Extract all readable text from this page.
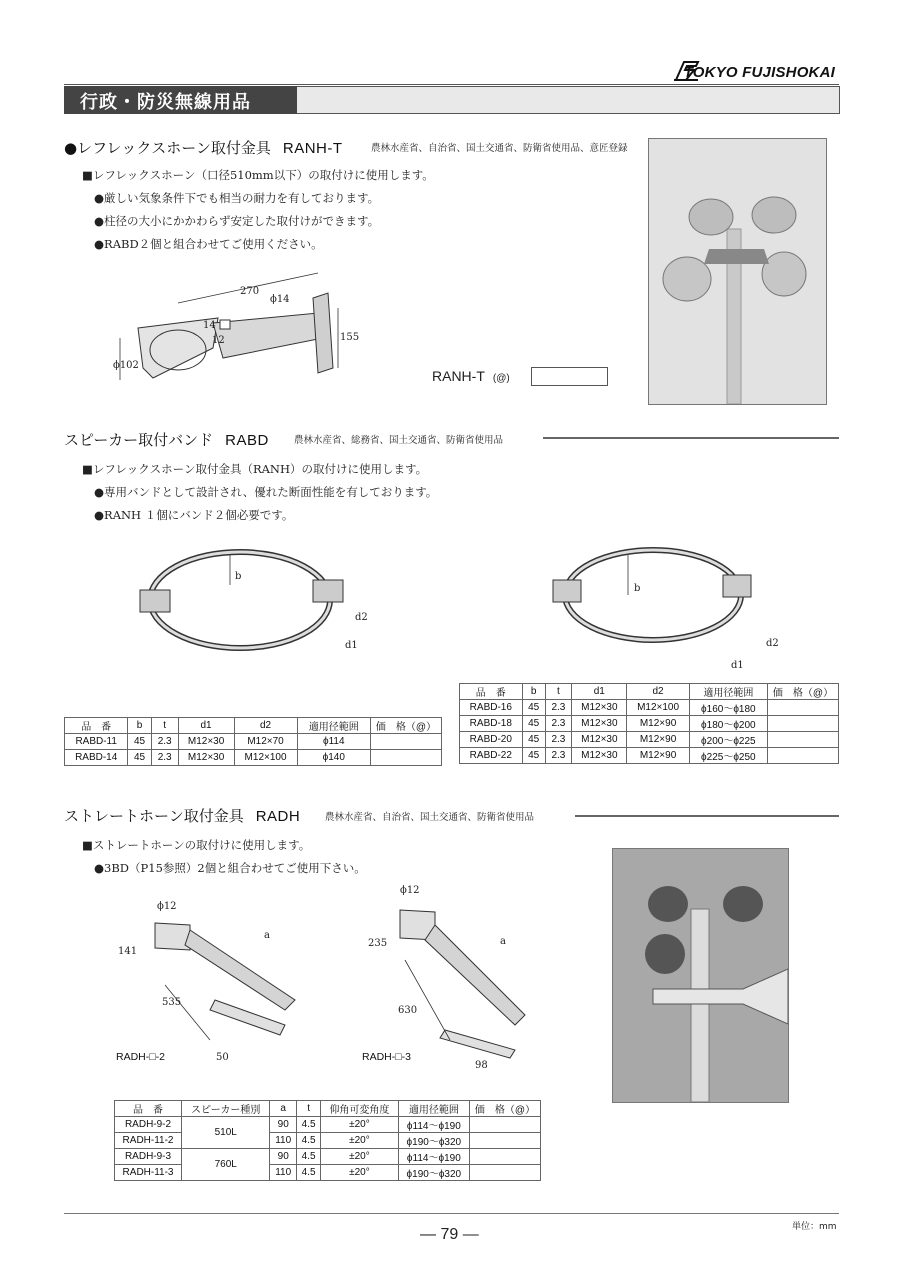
TOKYO FUJISHOKAI
行政・防災無線用品
●レフレックスホーン取付金具 RANH-T	農林水産省、自治省、国土交通省、防衛省使用品、意匠登録
■レフレックスホーン（口径510mm以下）の取付けに使用します。
●厳しい気象条件下でも相当の耐力を有しております。
●柱径の大小にかかわらず安定した取付けができます。
●RABD２個と組合わせてご使用ください。
270
ϕ14
14
12	155
ϕ102
RANH-T (@)
スピーカー取付バンド RABD	農林水産省、総務省、国土交通省、防衛省使用品
■レフレックスホーン取付金具（RANH）の取付けに使用します。
●専用バンドとして設計され、優れた断面性能を有しております。
●RANH １個にバンド２個必要です。
b
d2
d1
b
d2
d1
品　番	b	t	d1	d2	適用径範囲	価　格（@）
RABD-11	45	2.3	M12×30	M12×70	ϕ114	
RABD-14	45	2.3	M12×30	M12×100	ϕ140	
品　番	b	t	d1	d2	適用径範囲	価　格（@）
RABD-16	45	2.3	M12×30	M12×100	ϕ160～ϕ180	
RABD-18	45	2.3	M12×30	M12×90	ϕ180～ϕ200	
RABD-20	45	2.3	M12×30	M12×90	ϕ200～ϕ225	
RABD-22	45	2.3	M12×30	M12×90	ϕ225～ϕ250	
ストレートホーン取付金具 RADH	農林水産省、自治省、国土交通省、防衛省使用品
■ストレートホーンの取付けに使用します。
●3BD（P15参照）2個と組合わせてご使用下さい。
ϕ12
141
a
535
50
RADH-□-2
ϕ12
235	a
630
98
RADH-□-3
品　番	スピーカー種別	a	t	仰角可変角度	適用径範囲	価　格（@）
RADH-9-2	510L	90	4.5	±20°	ϕ114～ϕ190	
RADH-11-2		110	4.5	±20°	ϕ190～ϕ320	
RADH-9-3	760L	90	4.5	±20°	ϕ114～ϕ190	
RADH-11-3		110	4.5	±20°	ϕ190～ϕ320	
単位：mm
— 79 —
